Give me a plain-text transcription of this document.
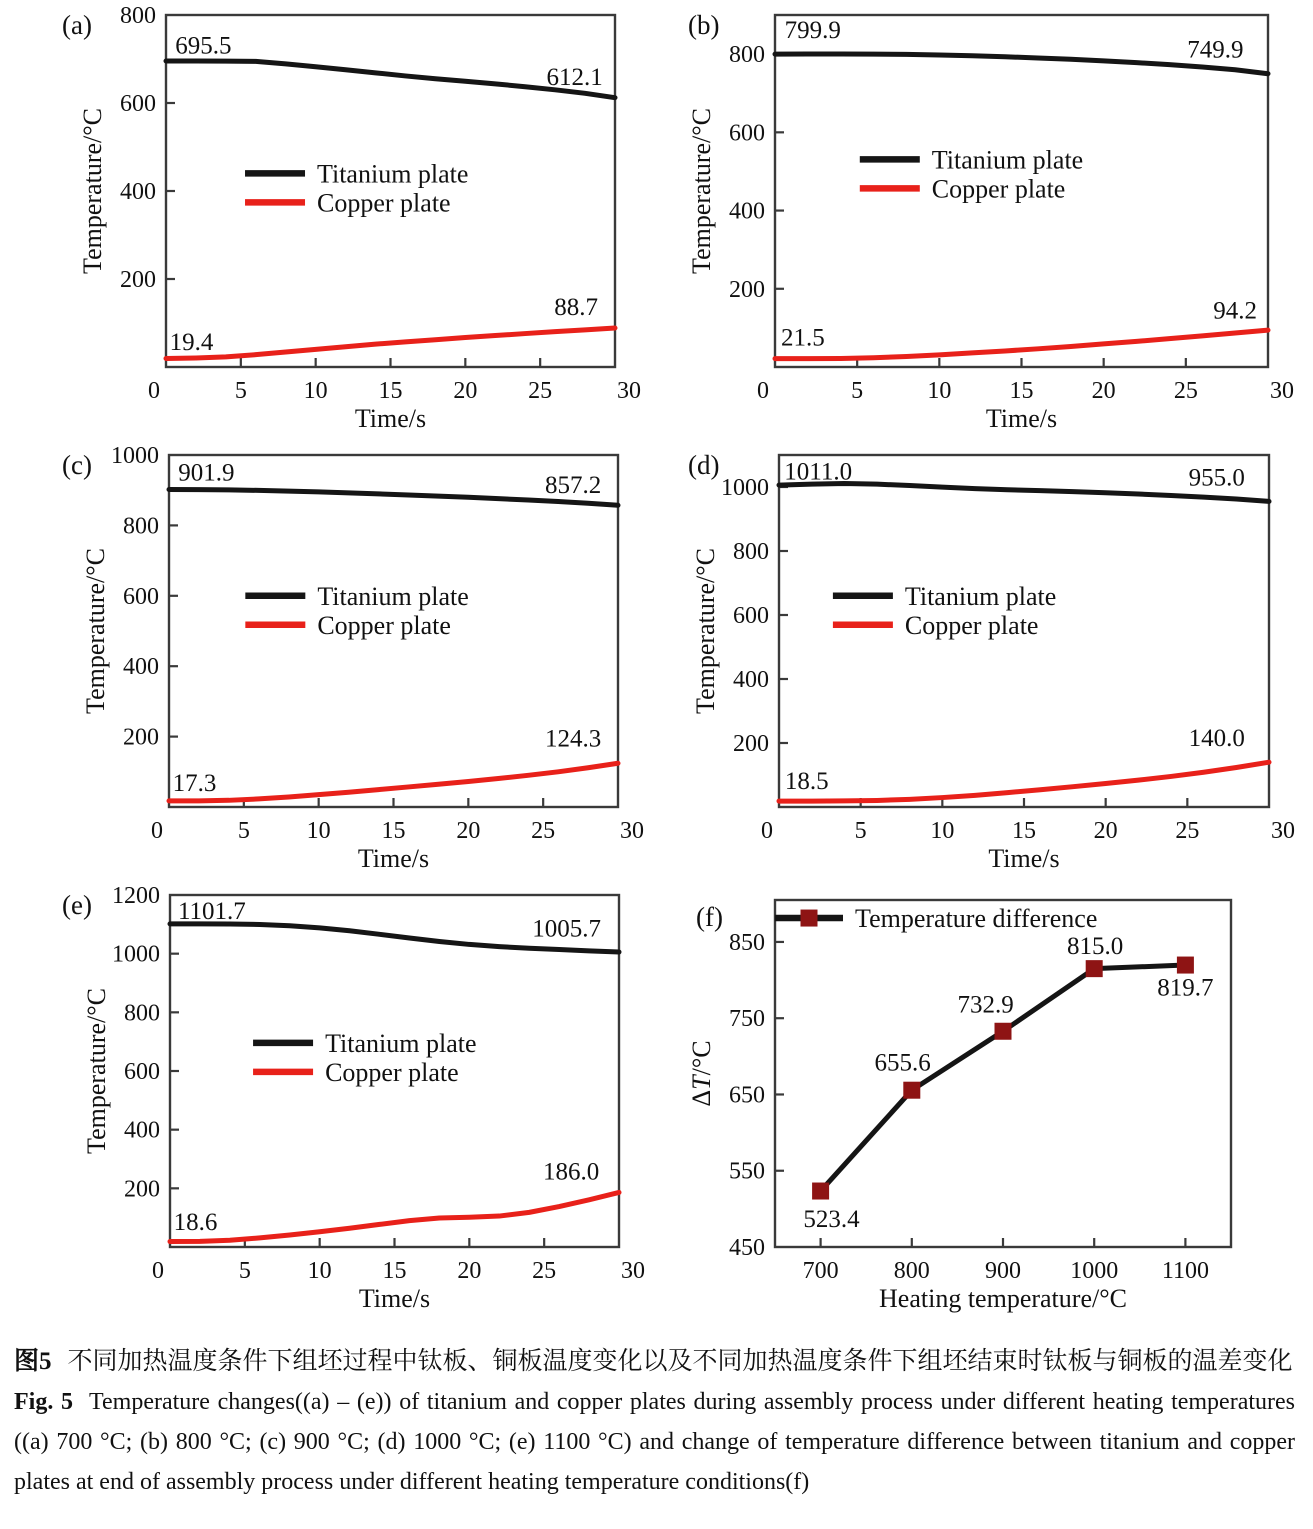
(a)
0	5 10 15 20 25	30
200
400
600
800
Time/s
Temperature/°C	Titanium plate
Copper plate
695.5
612.1
19.4
88.7
(b)
0	5	10 15 20 25	30
200
400
600
800
Time/s
Temperature/°C	Titanium plate
Copper plate
799.9
749.9
21.5
94.2
(c)
0	5 10 15 20 25	30
200
400
600
800
1000
Time/s
Temperature/°C	Titanium plate
Copper plate
901.9	857.2
17.3
124.3
(d)
0	5	10 15 20 25	30
200
400
600
800
1000
Time/s
Temperature/°C	Titanium plate
Copper plate
1011.0	955.0
18.5
140.0
(e)
0	5 10 15 20 25	30
200
400
600
800
1000
1200
Time/s
Temperature/°C	Titanium plate
Copper plate
1101.7
1005.7
18.6
186.0
(f)
700 800 900 1000 1100
450
550
650
750
850
Heating temperature/°C
ΔT/°C
Temperature difference
523.4
655.6
732.9
815.0
819.7

图5 不同加热温度条件下组坯过程中钛板、铜板温度变化以及不同加热温度条件下组坯结束时钛板与铜板的温差变化

Fig. 5 Temperature changes((a) – (e)) of titanium and copper plates during assembly process under different heating temperatures ((a) 700 °C; (b) 800 °C; (c) 900 °C; (d) 1000 °C; (e) 1100 °C) and change of temperature difference between titanium and copper plates at end of assembly process under different heating temperature conditions(f)
